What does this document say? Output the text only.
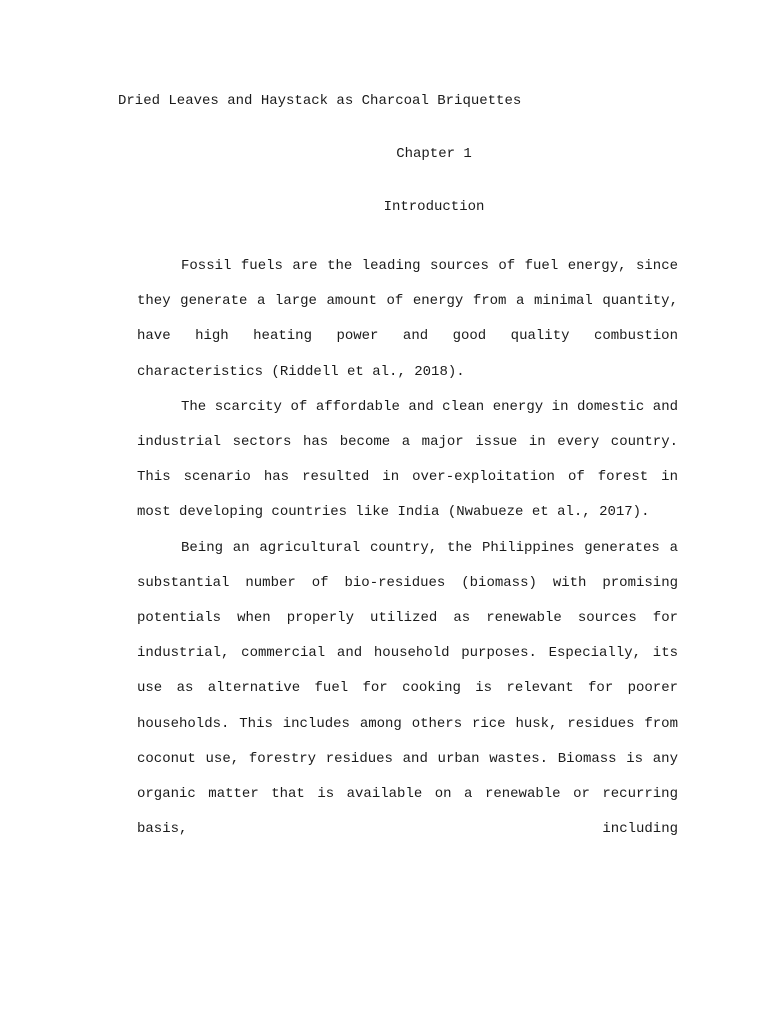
Dried Leaves and Haystack as Charcoal Briquettes

Chapter 1

Introduction

Fossil fuels are the leading sources of fuel energy, since they generate a large amount of energy from a minimal quantity, have high heating power and good quality combustion characteristics (Riddell et al., 2018).

The scarcity of affordable and clean energy in domestic and industrial sectors has become a major issue in every country. This scenario has resulted in over-exploitation of forest in most developing countries like India (Nwabueze et al., 2017).

Being an agricultural country, the Philippines generates a substantial number of bio-residues (biomass) with promising potentials when properly utilized as renewable sources for industrial, commercial and household purposes. Especially, its use as alternative fuel for cooking is relevant for poorer households. This includes among others rice husk, residues from coconut use, forestry residues and urban wastes. Biomass is any organic matter that is available on a renewable or recurring basis, including
